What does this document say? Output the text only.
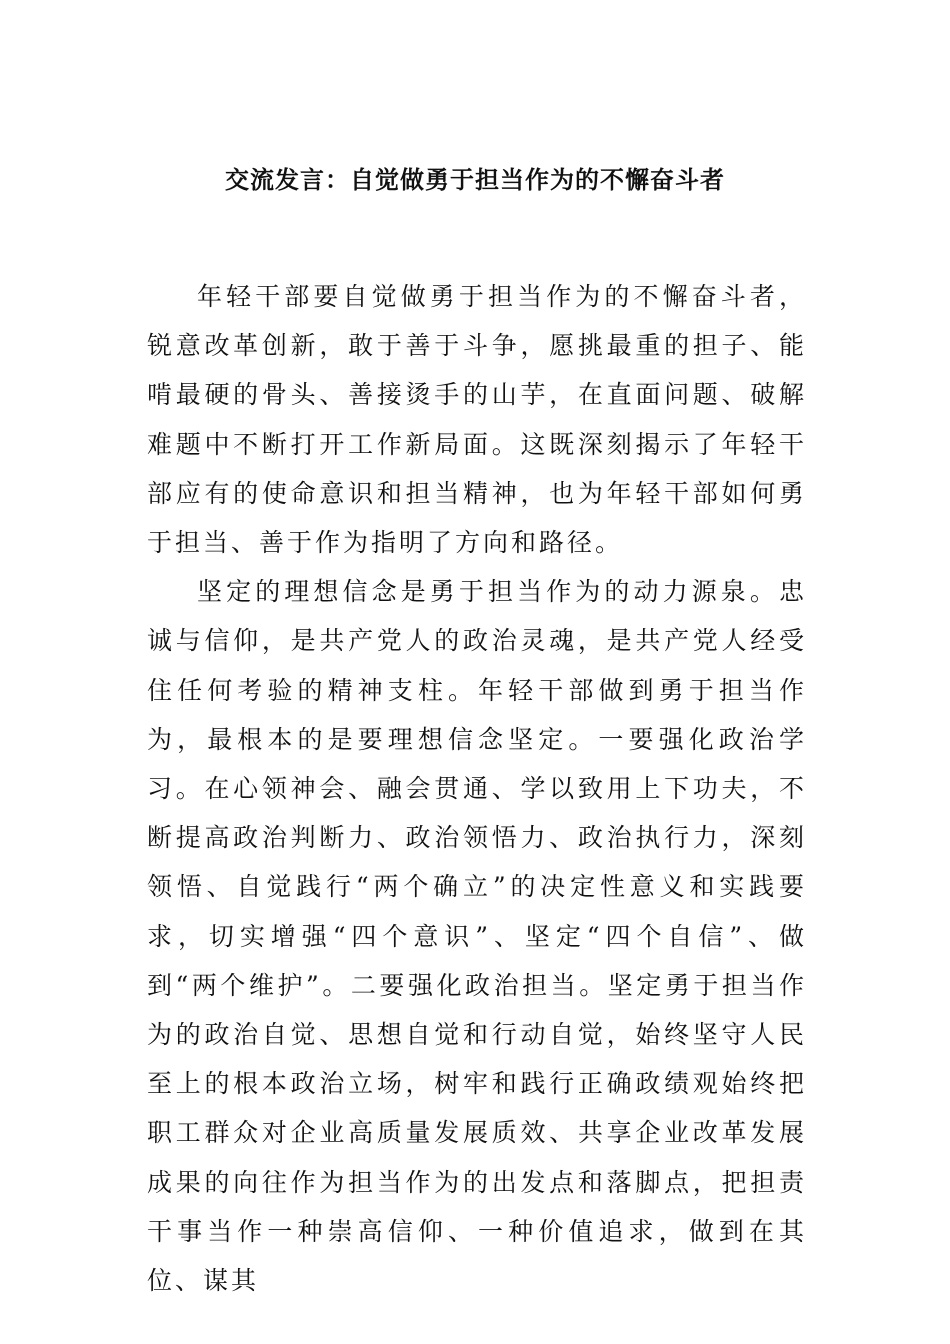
交流发言：自觉做勇于担当作为的不懈奋斗者

年轻干部要自觉做勇于担当作为的不懈奋斗者，锐意改革创新，敢于善于斗争，愿挑最重的担子、能啃最硬的骨头、善接烫手的山芋，在直面问题、破解难题中不断打开工作新局面。这既深刻揭示了年轻干部应有的使命意识和担当精神，也为年轻干部如何勇于担当、善于作为指明了方向和路径。

坚定的理想信念是勇于担当作为的动力源泉。忠诚与信仰，是共产党人的政治灵魂，是共产党人经受住任何考验的精神支柱。年轻干部做到勇于担当作为，最根本的是要理想信念坚定。一要强化政治学习。在心领神会、融会贯通、学以致用上下功夫，不断提高政治判断力、政治领悟力、政治执行力，深刻领悟、自觉践行“两个确立”的决定性意义和实践要求，切实增强“四个意识”、坚定“四个自信”、做到“两个维护”。二要强化政治担当。坚定勇于担当作为的政治自觉、思想自觉和行动自觉，始终坚守人民至上的根本政治立场，树牢和践行正确政绩观始终把职工群众对企业高质量发展质效、共享企业改革发展成果的向往作为担当作为的出发点和落脚点，把担责干事当作一种崇高信仰、一种价值追求，做到在其位、谋其
